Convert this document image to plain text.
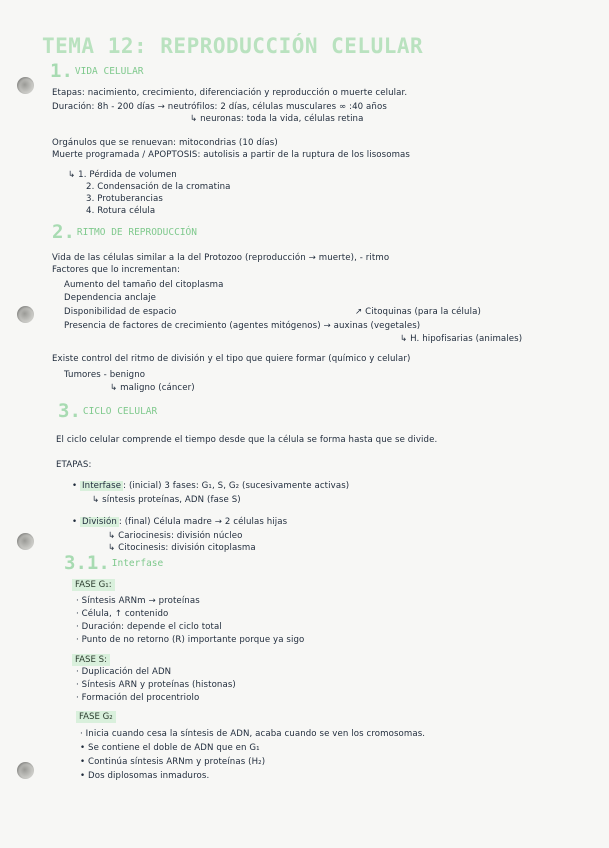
TEMA 12: REPRODUCCIÓN CELULAR
1. VIDA CELULAR
Etapas: nacimiento, crecimiento, diferenciación y reproducción o muerte celular.
Duración: 8h - 200 días → neutrófilos: 2 días, células musculares ∞ :40 años
↳ neuronas: toda la vida, células retina
Orgánulos que se renuevan: mitocondrias (10 días)
Muerte programada / APOPTOSIS: autolisis a partir de la ruptura de los lisosomas
↳ 1. Pérdida de volumen
2. Condensación de la cromatina
3. Protuberancias
4. Rotura célula
2. RITMO DE REPRODUCCIÓN
Vida de las células similar a la del Protozoo (reproducción → muerte), - ritmo
Factores que lo incrementan:
Aumento del tamaño del citoplasma
Dependencia anclaje
Disponibilidad de espacio	↗ Citoquinas (para la célula)
Presencia de factores de crecimiento (agentes mitógenos) → auxinas (vegetales)
↳ H. hipofisarias (animales)
Existe control del ritmo de división y el tipo que quiere formar (químico y celular)
Tumores - benigno
↳ maligno (cáncer)
3. CICLO CELULAR
El ciclo celular comprende el tiempo desde que la célula se forma hasta que se divide.
ETAPAS:
• Interfase : (inicial) 3 fases: G₁, S, G₂ (sucesivamente activas)
↳ síntesis proteínas, ADN (fase S)
• División : (final) Célula madre → 2 células hijas
↳ Cariocinesis: división núcleo
↳ Citocinesis: división citoplasma
3.1. Interfase
FASE G₁:
· Síntesis ARNm → proteínas
· Célula, ↑ contenido
· Duración: depende el ciclo total
· Punto de no retorno (R) importante porque ya sigo
FASE S:
· Duplicación del ADN
· Síntesis ARN y proteínas (histonas)
· Formación del procentriolo
FASE G₂
· Inicia cuando cesa la síntesis de ADN, acaba cuando se ven los cromosomas.
• Se contiene el doble de ADN que en G₁
• Continúa síntesis ARNm y proteínas (H₂)
• Dos diplosomas inmaduros.
